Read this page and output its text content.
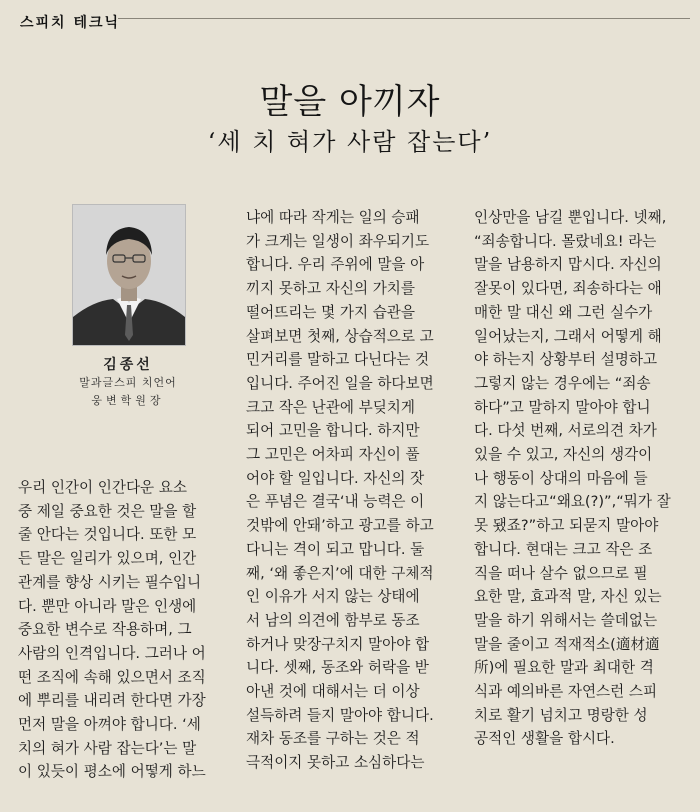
스피치 테크닉
말을 아끼자
‘세 치 혀가 사람 잡는다’
김종선
말과글스피 치언어
웅변학원장
우리 인간이 인간다운 요소
중 제일 중요한 것은 말을 할
줄 안다는 것입니다. 또한 모
든 말은 일리가 있으며, 인간
관계를 향상 시키는 필수입니
다. 뿐만 아니라 말은 인생에
중요한 변수로 작용하며, 그
사람의 인격입니다. 그러나 어
떤 조직에 속해 있으면서 조직
에 뿌리를 내리려 한다면 가장
먼저 말을 아껴야 합니다. ‘세
치의 혀가 사람 잡는다’는 말
이 있듯이 평소에 어떻게 하느
냐에 따라 작게는 일의 승패
가 크게는 일생이 좌우되기도
합니다. 우리 주위에 말을 아
끼지 못하고 자신의 가치를
떨어뜨리는 몇 가지 습관을
살펴보면 첫째, 상습적으로 고
민거리를 말하고 다닌다는 것
입니다. 주어진 일을 하다보면
크고 작은 난관에 부딪치게
되어 고민을 합니다. 하지만
그 고민은 어차피 자신이 풀
어야 할 일입니다. 자신의 잣
은 푸념은 결국‘내 능력은 이
것밖에 안돼’하고 광고를 하고
다니는 격이 되고 맙니다. 둘
째, ‘왜 좋은지’에 대한 구체적
인 이유가 서지 않는 상태에
서 남의 의견에 함부로 동조
하거나 맞장구치지 말아야 합
니다. 셋째, 동조와 허락을 받
아낸 것에 대해서는 더 이상
설득하려 들지 말아야 합니다.
재차 동조를 구하는 것은 적
극적이지 못하고 소심하다는
인상만을 남길 뿐입니다. 넷째,
“죄송합니다. 몰랐네요! 라는
말을 남용하지 맙시다. 자신의
잘못이 있다면, 죄송하다는 애
매한 말 대신 왜 그런 실수가
일어났는지, 그래서 어떻게 해
야 하는지 상황부터 설명하고
그렇지 않는 경우에는 “죄송
하다”고 말하지 말아야 합니
다. 다섯 번째, 서로의견 차가
있을 수 있고, 자신의 생각이
나 행동이 상대의 마음에 들
지 않는다고“왜요(?)”,“뭐가 잘
못 됐죠?”하고 되묻지 말아야
합니다. 현대는 크고 작은 조
직을 떠나 살수 없으므로 필
요한 말, 효과적 말, 자신 있는
말을 하기 위해서는 쓸데없는
말을 줄이고 적재적소(適材適
所)에 필요한 말과 최대한 격
식과 예의바른 자연스런 스피
치로 활기 넘치고 명랑한 성
공적인 생활을 합시다.
